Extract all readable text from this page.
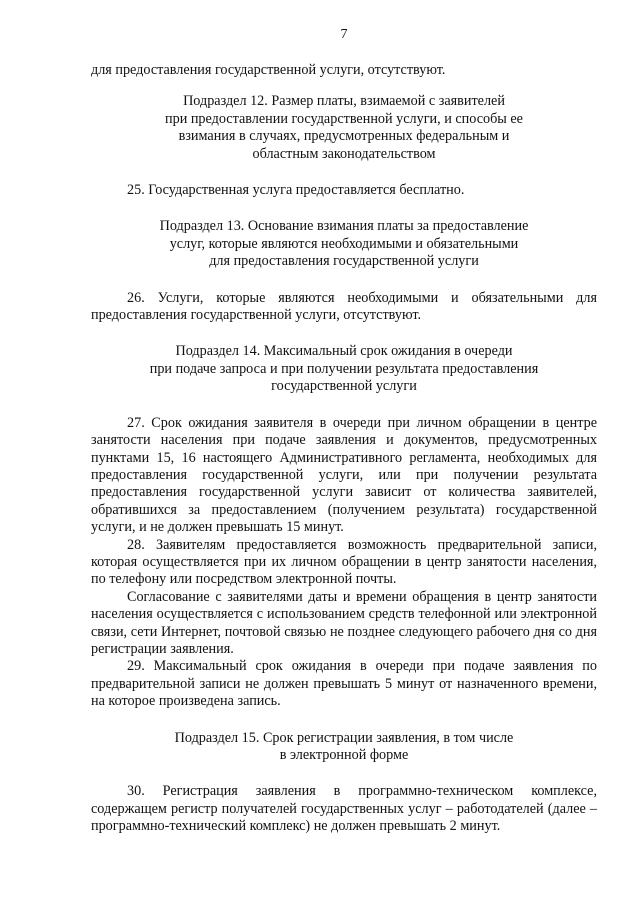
7

для предоставления государственной услуги, отсутствуют.

Подраздел 12. Размер платы, взимаемой с заявителей
при предоставлении государственной услуги, и способы ее
взимания в случаях, предусмотренных федеральным и
областным законодательством

25. Государственная услуга предоставляется бесплатно.

Подраздел 13. Основание взимания платы за предоставление
услуг, которые являются необходимыми и обязательными
для предоставления государственной услуги

26. Услуги, которые являются необходимыми и обязательными для предоставления государственной услуги, отсутствуют.

Подраздел 14. Максимальный срок ожидания в очереди
при подаче запроса и при получении результата предоставления
государственной услуги

27. Срок ожидания заявителя в очереди при личном обращении в центре занятости населения при подаче заявления и документов, предусмотренных пунктами 15, 16 настоящего Административного регламента, необходимых для предоставления государственной услуги, или при получении результата предоставления государственной услуги зависит от количества заявителей, обратившихся за предоставлением (получением результата) государственной услуги, и не должен превышать 15 минут.

28. Заявителям предоставляется возможность предварительной записи, которая осуществляется при их личном обращении в центр занятости населения, по телефону или посредством электронной почты.

Согласование с заявителями даты и времени обращения в центр занятости населения осуществляется с использованием средств телефонной или электронной связи, сети Интернет, почтовой связью не позднее следующего рабочего дня со дня регистрации заявления.

29. Максимальный срок ожидания в очереди при подаче заявления по предварительной записи не должен превышать 5 минут от назначенного времени, на которое произведена запись.

Подраздел 15. Срок регистрации заявления, в том числе
в электронной форме

30. Регистрация заявления в программно-техническом комплексе, содержащем регистр получателей государственных услуг – работодателей (далее – программно-технический комплекс) не должен превышать 2 минут.
